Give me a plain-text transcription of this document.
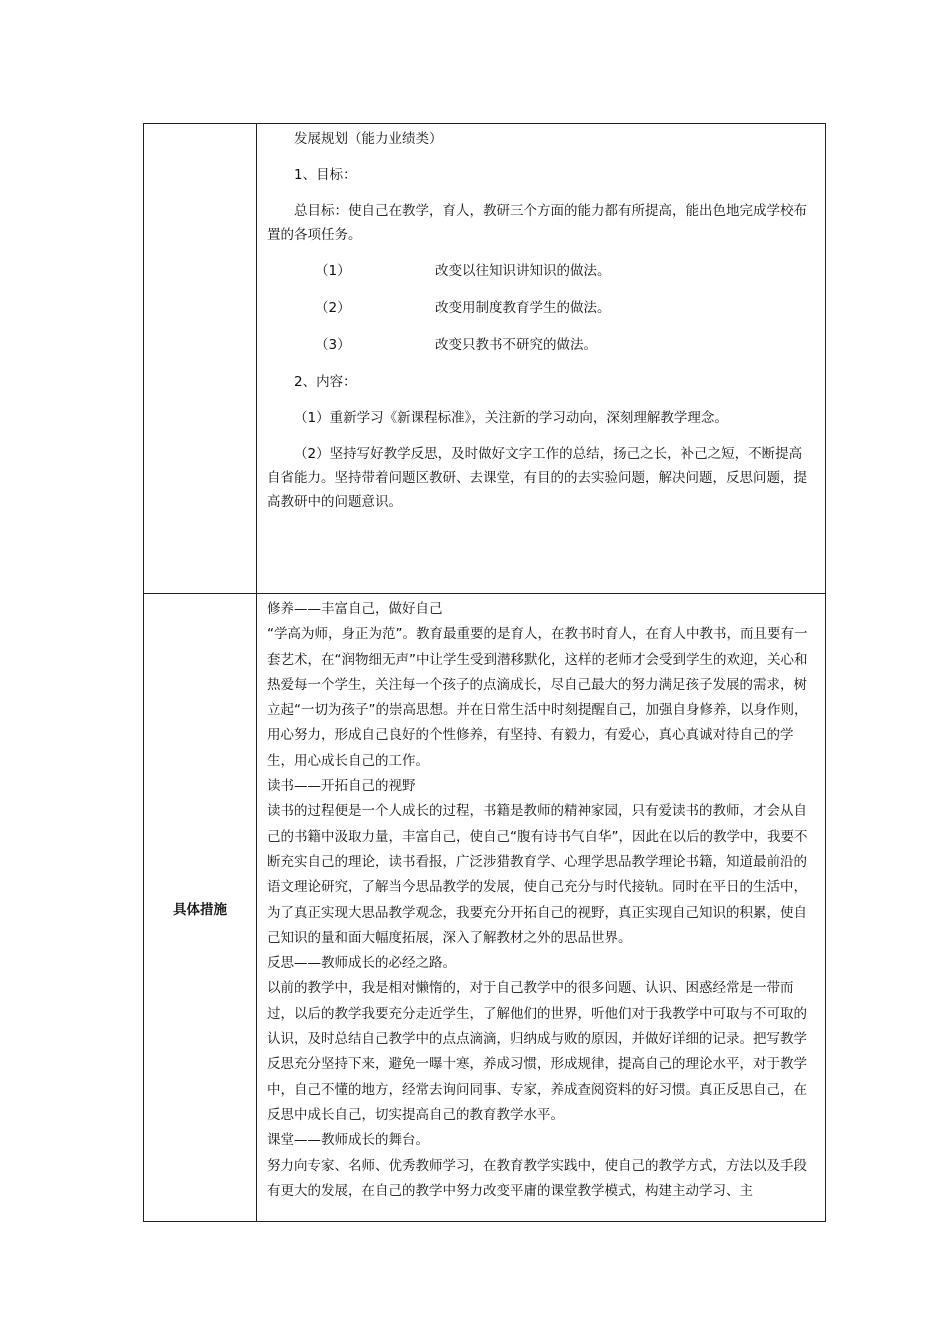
发展规划（能力业绩类）

1、目标：

总目标：使自己在教学，育人，教研三个方面的能力都有所提高，能出色地完成学校布置的各项任务。

（1）	改变以往知识讲知识的做法。
（2）	改变用制度教育学生的做法。
（3）	改变只教书不研究的做法。

2、内容：

（1）重新学习《新课程标准》，关注新的学习动向，深刻理解教学理念。

（2）坚持写好教学反思，及时做好文字工作的总结，扬己之长，补己之短，不断提高自省能力。坚持带着问题区教研、去课堂，有目的的去实验问题，解决问题，反思问题，提高教研中的问题意识。

具体措施

修养——丰富自己，做好自己

“学高为师，身正为范”。教育最重要的是育人，在教书时育人，在育人中教书，而且要有一套艺术，在“润物细无声”中让学生受到潜移默化，这样的老师才会受到学生的欢迎，关心和热爱每一个学生，关注每一个孩子的点滴成长，尽自己最大的努力满足孩子发展的需求，树立起“一切为孩子”的崇高思想。并在日常生活中时刻提醒自己，加强自身修养，以身作则，用心努力，形成自己良好的个性修养，有坚持、有毅力，有爱心，真心真诚对待自己的学生，用心成长自己的工作。

读书——开拓自己的视野

读书的过程便是一个人成长的过程，书籍是教师的精神家园，只有爱读书的教师，才会从自己的书籍中汲取力量，丰富自己，使自己“腹有诗书气自华”，因此在以后的教学中，我要不断充实自己的理论，读书看报，广泛涉猎教育学、心理学思品教学理论书籍，知道最前沿的语文理论研究，了解当今思品教学的发展，使自己充分与时代接轨。同时在平日的生活中，为了真正实现大思品教学观念，我要充分开拓自己的视野，真正实现自己知识的积累，使自己知识的量和面大幅度拓展，深入了解教材之外的思品世界。

反思——教师成长的必经之路。

以前的教学中，我是相对懒惰的，对于自己教学中的很多问题、认识、困惑经常是一带而过，以后的教学我要充分走近学生，了解他们的世界，听他们对于我教学中可取与不可取的认识，及时总结自己教学中的点点滴滴，归纳成与败的原因，并做好详细的记录。把写教学反思充分坚持下来，避免一曝十寒，养成习惯，形成规律，提高自己的理论水平，对于教学中，自己不懂的地方，经常去询问同事、专家，养成查阅资料的好习惯。真正反思自己，在反思中成长自己，切实提高自己的教育教学水平。

课堂——教师成长的舞台。

努力向专家、名师、优秀教师学习，在教育教学实践中，使自己的教学方式，方法以及手段有更大的发展，在自己的教学中努力改变平庸的课堂教学模式，构建主动学习、主
